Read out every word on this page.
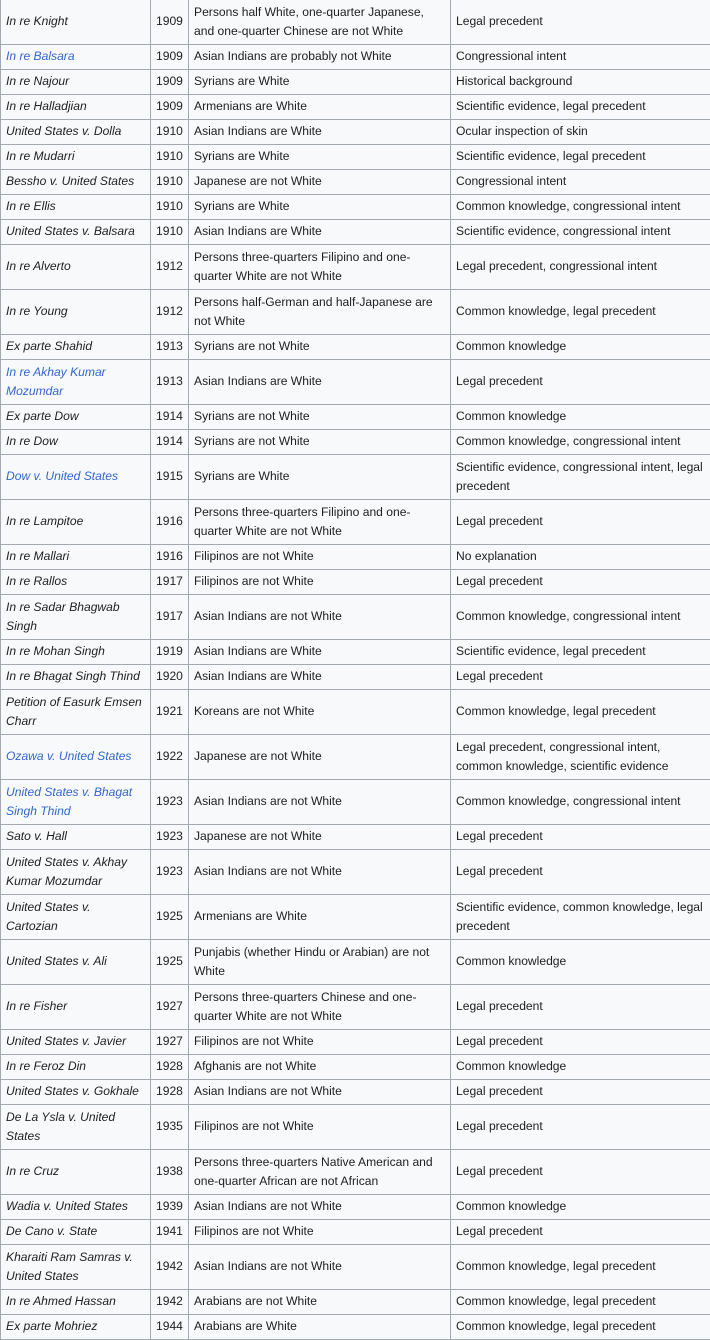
In re Knight	1909	Persons half White, one-quarter Japanese, and one-quarter Chinese are not White	Legal precedent
In re Balsara	1909	Asian Indians are probably not White	Congressional intent
In re Najour	1909	Syrians are White	Historical background
In re Halladjian	1909	Armenians are White	Scientific evidence, legal precedent
United States v. Dolla	1910	Asian Indians are White	Ocular inspection of skin
In re Mudarri	1910	Syrians are White	Scientific evidence, legal precedent
Bessho v. United States	1910	Japanese are not White	Congressional intent
In re Ellis	1910	Syrians are White	Common knowledge, congressional intent
United States v. Balsara	1910	Asian Indians are White	Scientific evidence, congressional intent
In re Alverto	1912	Persons three-quarters Filipino and one-quarter White are not White	Legal precedent, congressional intent
In re Young	1912	Persons half-German and half-Japanese are not White	Common knowledge, legal precedent
Ex parte Shahid	1913	Syrians are not White	Common knowledge
In re Akhay Kumar Mozumdar	1913	Asian Indians are White	Legal precedent
Ex parte Dow	1914	Syrians are not White	Common knowledge
In re Dow	1914	Syrians are not White	Common knowledge, congressional intent
Dow v. United States	1915	Syrians are White	Scientific evidence, congressional intent, legal precedent
In re Lampitoe	1916	Persons three-quarters Filipino and one-quarter White are not White	Legal precedent
In re Mallari	1916	Filipinos are not White	No explanation
In re Rallos	1917	Filipinos are not White	Legal precedent
In re Sadar Bhagwab Singh	1917	Asian Indians are not White	Common knowledge, congressional intent
In re Mohan Singh	1919	Asian Indians are White	Scientific evidence, legal precedent
In re Bhagat Singh Thind	1920	Asian Indians are White	Legal precedent
Petition of Easurk Emsen Charr	1921	Koreans are not White	Common knowledge, legal precedent
Ozawa v. United States	1922	Japanese are not White	Legal precedent, congressional intent, common knowledge, scientific evidence
United States v. Bhagat Singh Thind	1923	Asian Indians are not White	Common knowledge, congressional intent
Sato v. Hall	1923	Japanese are not White	Legal precedent
United States v. Akhay Kumar Mozumdar	1923	Asian Indians are not White	Legal precedent
United States v. Cartozian	1925	Armenians are White	Scientific evidence, common knowledge, legal precedent
United States v. Ali	1925	Punjabis (whether Hindu or Arabian) are not White	Common knowledge
In re Fisher	1927	Persons three-quarters Chinese and one-quarter White are not White	Legal precedent
United States v. Javier	1927	Filipinos are not White	Legal precedent
In re Feroz Din	1928	Afghanis are not White	Common knowledge
United States v. Gokhale	1928	Asian Indians are not White	Legal precedent
De La Ysla v. United States	1935	Filipinos are not White	Legal precedent
In re Cruz	1938	Persons three-quarters Native American and one-quarter African are not African	Legal precedent
Wadia v. United States	1939	Asian Indians are not White	Common knowledge
De Cano v. State	1941	Filipinos are not White	Legal precedent
Kharaiti Ram Samras v. United States	1942	Asian Indians are not White	Common knowledge, legal precedent
In re Ahmed Hassan	1942	Arabians are not White	Common knowledge, legal precedent
Ex parte Mohriez	1944	Arabians are White	Common knowledge, legal precedent
